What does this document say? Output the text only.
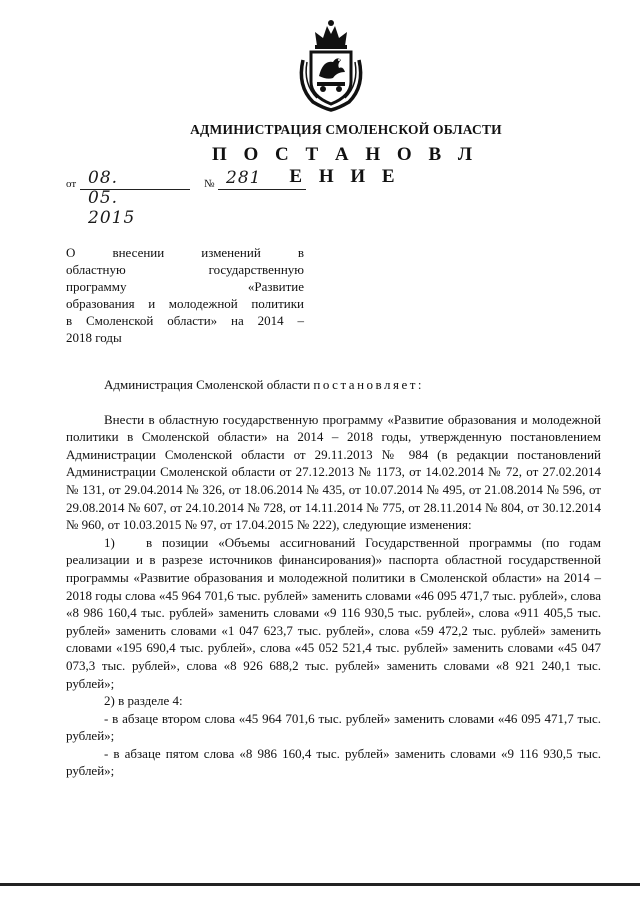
АДМИНИСТРАЦИЯ СМОЛЕНСКОЙ ОБЛАСТИ
П О С Т А Н О В Л Е Н И Е
от 08. 05. 2015
№ 281
О внесении изменений в
областную государственную
программу «Развитие
образования и молодежной политики
в Смоленской области» на 2014 –
2018 годы

Администрация Смоленской области постановляет:

Внести в областную государственную программу «Развитие образования и молодежной политики в Смоленской области» на 2014 – 2018 годы, утвержденную постановлением Администрации Смоленской области от 29.11.2013 № 984 (в редакции постановлений Администрации Смоленской области от 27.12.2013 № 1173, от 14.02.2014 № 72, от 27.02.2014 № 131, от 29.04.2014 № 326, от 18.06.2014 № 435, от 10.07.2014 № 495, от 21.08.2014 № 596, от 29.08.2014 № 607, от 24.10.2014 № 728, от 14.11.2014 № 775, от 28.11.2014 № 804, от 30.12.2014 № 960, от 10.03.2015 № 97, от 17.04.2015 № 222), следующие изменения:

1) в позиции «Объемы ассигнований Государственной программы (по годам реализации и в разрезе источников финансирования)» паспорта областной государственной программы «Развитие образования и молодежной политики в Смоленской области» на 2014 – 2018 годы слова «45 964 701,6 тыс. рублей» заменить словами «46 095 471,7 тыс. рублей», слова «8 986 160,4 тыс. рублей» заменить словами «9 116 930,5 тыс. рублей», слова «911 405,5 тыс. рублей» заменить словами «1 047 623,7 тыс. рублей», слова «59 472,2 тыс. рублей» заменить словами «195 690,4 тыс. рублей», слова «45 052 521,4 тыс. рублей» заменить словами «45 047 073,3 тыс. рублей», слова «8 926 688,2 тыс. рублей» заменить словами «8 921 240,1 тыс. рублей»;

2) в разделе 4:

- в абзаце втором слова «45 964 701,6 тыс. рублей» заменить словами «46 095 471,7 тыс. рублей»;

- в абзаце пятом слова «8 986 160,4 тыс. рублей» заменить словами «9 116 930,5 тыс. рублей»;
